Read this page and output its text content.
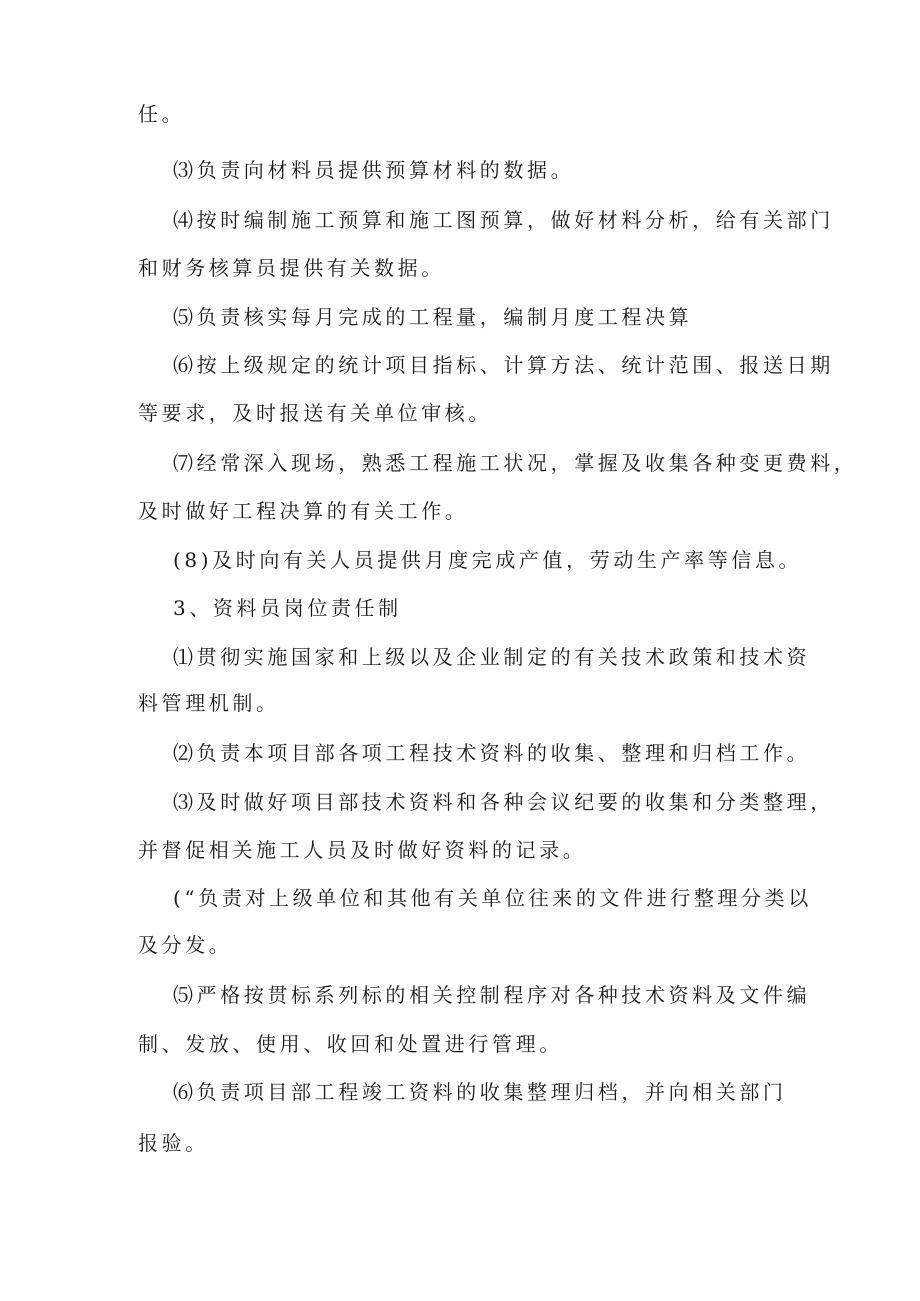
任。
⑶负责向材料员提供预算材料的数据。
⑷按时编制施工预算和施工图预算，做好材料分析，给有关部门
和财务核算员提供有关数据。
⑸负责核实每月完成的工程量，编制月度工程决算
⑹按上级规定的统计项目指标、计算方法、统计范围、报送日期
等要求，及时报送有关单位审核。
⑺经常深入现场，熟悉工程施工状况，掌握及收集各种变更费料，
及时做好工程决算的有关工作。
(8)及时向有关人员提供月度完成产值，劳动生产率等信息。
3、资料员岗位责任制
⑴贯彻实施国家和上级以及企业制定的有关技术政策和技术资
料管理机制。
⑵负责本项目部各项工程技术资料的收集、整理和归档工作。
⑶及时做好项目部技术资料和各种会议纪要的收集和分类整理，
并督促相关施工人员及时做好资料的记录。
(“负责对上级单位和其他有关单位往来的文件进行整理分类以
及分发。
⑸严格按贯标系列标的相关控制程序对各种技术资料及文件编
制、发放、使用、收回和处置进行管理。
⑹负责项目部工程竣工资料的收集整理归档，并向相关部门
报验。
